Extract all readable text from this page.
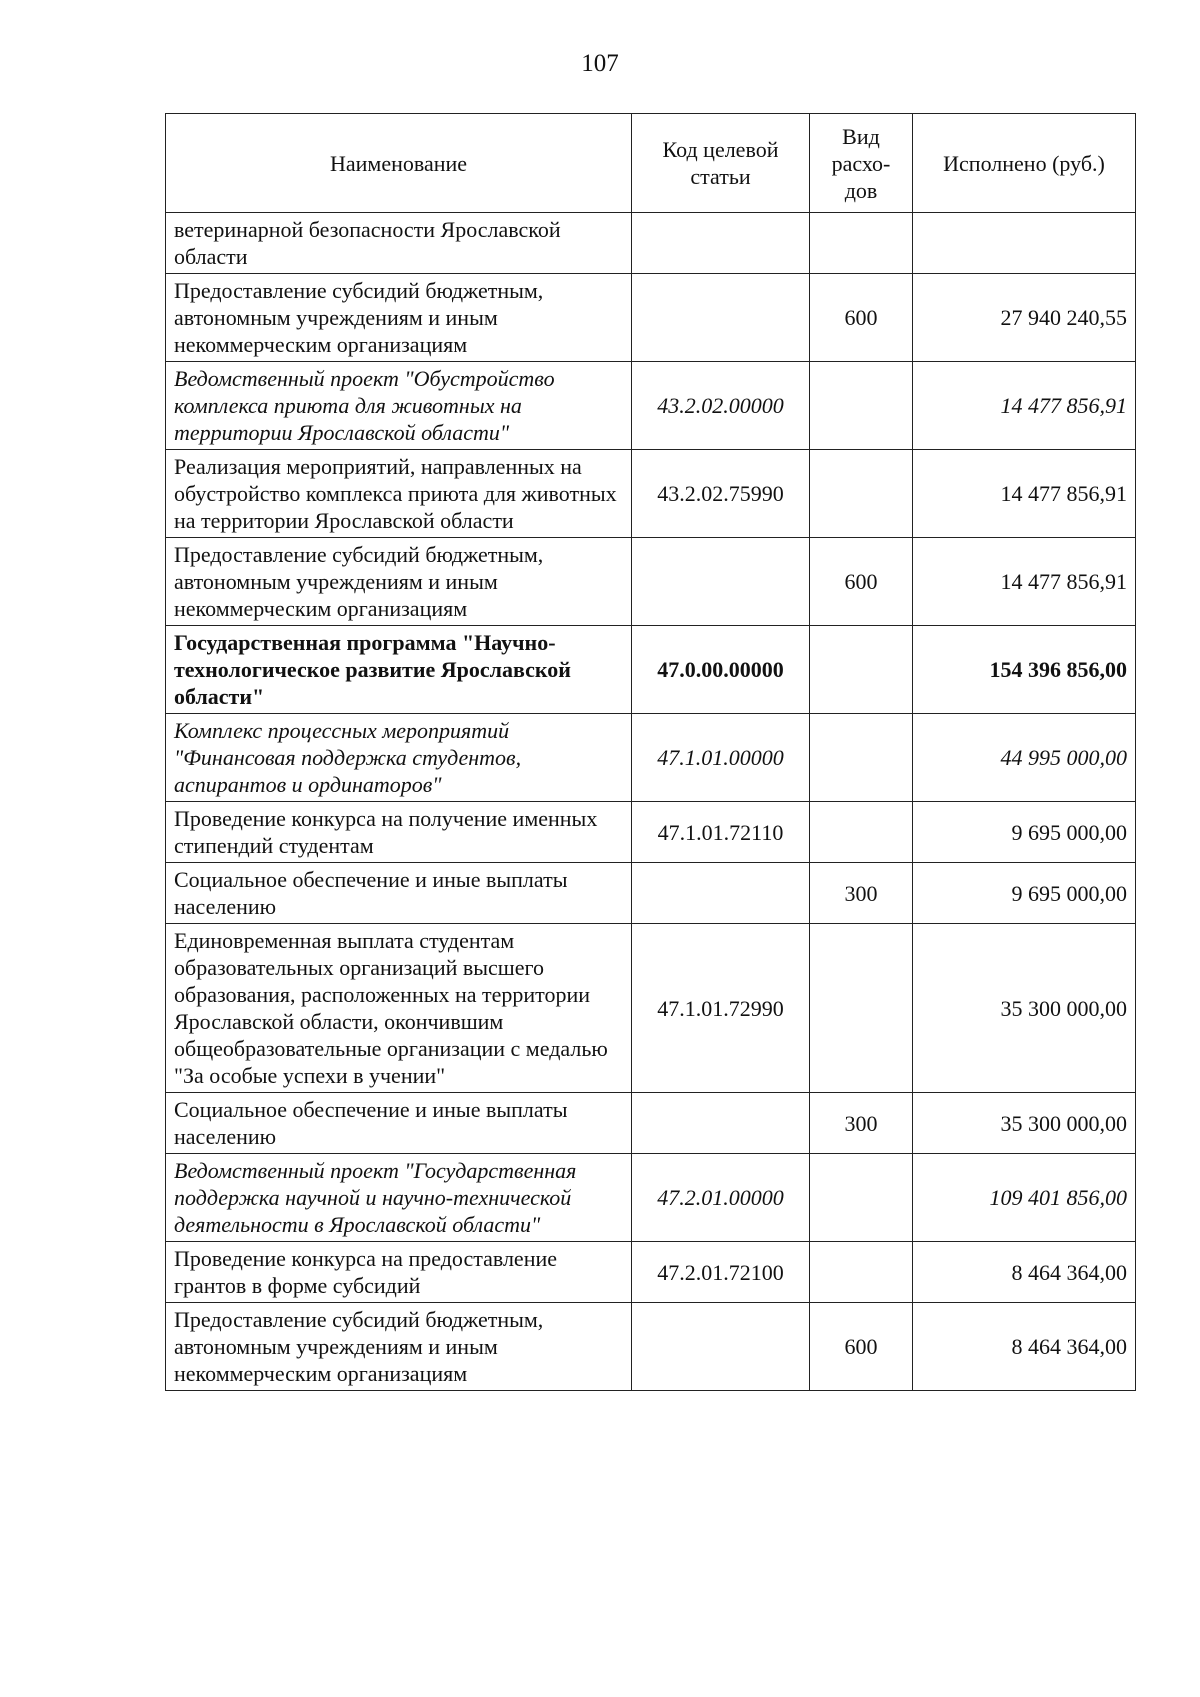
107
Наименование	Код целевой статьи	Вид расхо-дов	Исполнено (руб.)
ветеринарной безопасности Ярославской области			
Предоставление субсидий бюджетным, автономным учреждениям и иным некоммерческим организациям		600	27 940 240,55
Ведомственный проект "Обустройство комплекса приюта для животных на территории Ярославской области"	43.2.02.00000		14 477 856,91
Реализация мероприятий, направленных на обустройство комплекса приюта для животных на территории Ярославской области	43.2.02.75990		14 477 856,91
Предоставление субсидий бюджетным, автономным учреждениям и иным некоммерческим организациям		600	14 477 856,91
Государственная программа "Научно-технологическое развитие Ярославской области"	47.0.00.00000		154 396 856,00
Комплекс процессных мероприятий "Финансовая поддержка студентов, аспирантов и ординаторов"	47.1.01.00000		44 995 000,00
Проведение конкурса на получение именных стипендий студентам	47.1.01.72110		9 695 000,00
Социальное обеспечение и иные выплаты населению		300	9 695 000,00
Единовременная выплата студентам образовательных организаций высшего образования, расположенных на территории Ярославской области, окончившим общеобразовательные организации с медалью "За особые успехи в учении"	47.1.01.72990		35 300 000,00
Социальное обеспечение и иные выплаты населению		300	35 300 000,00
Ведомственный проект "Государственная поддержка научной и научно-технической деятельности в Ярославской области"	47.2.01.00000		109 401 856,00
Проведение конкурса на предоставление грантов в форме субсидий	47.2.01.72100		8 464 364,00
Предоставление субсидий бюджетным, автономным учреждениям и иным некоммерческим организациям		600	8 464 364,00
